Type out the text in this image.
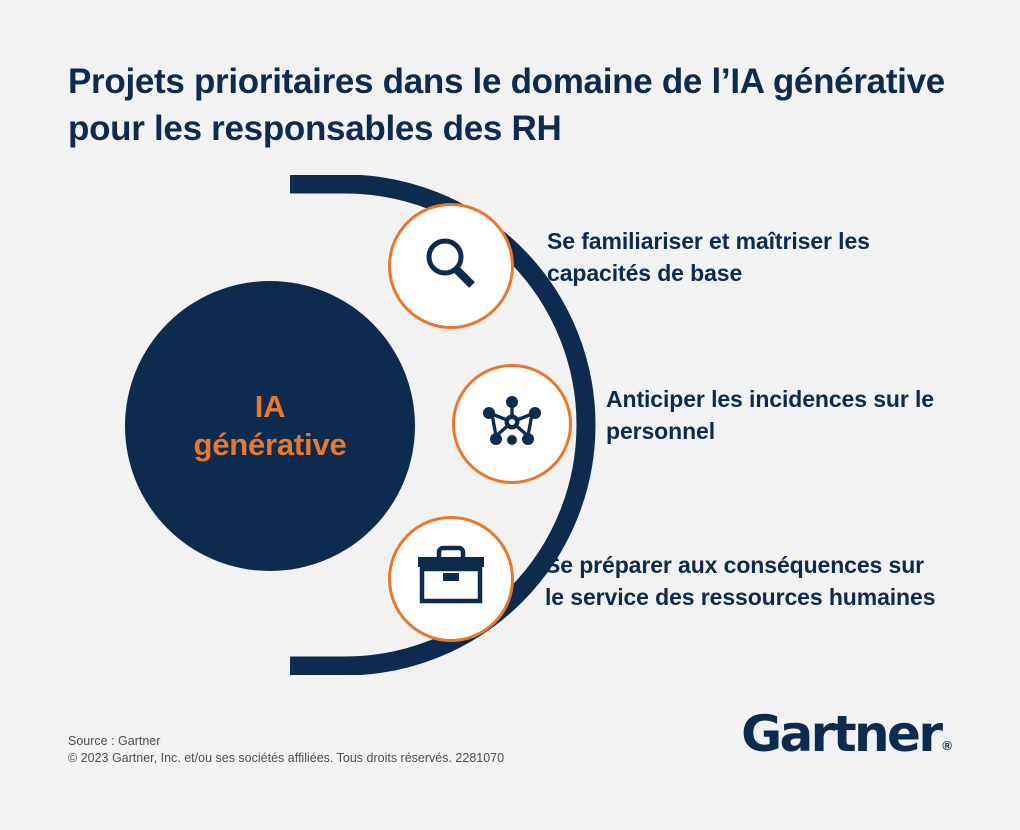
Projets prioritaires dans le domaine de l’IA générative pour les responsables des RH
IA
générative
Se familiariser et maîtriser les capacités de base
Anticiper les incidences sur le personnel
Se préparer aux conséquences sur le service des ressources humaines

Source : Gartner

© 2023 Gartner, Inc. et/ou ses sociétés affiliées. Tous droits réservés. 2281070	Gartner ®
